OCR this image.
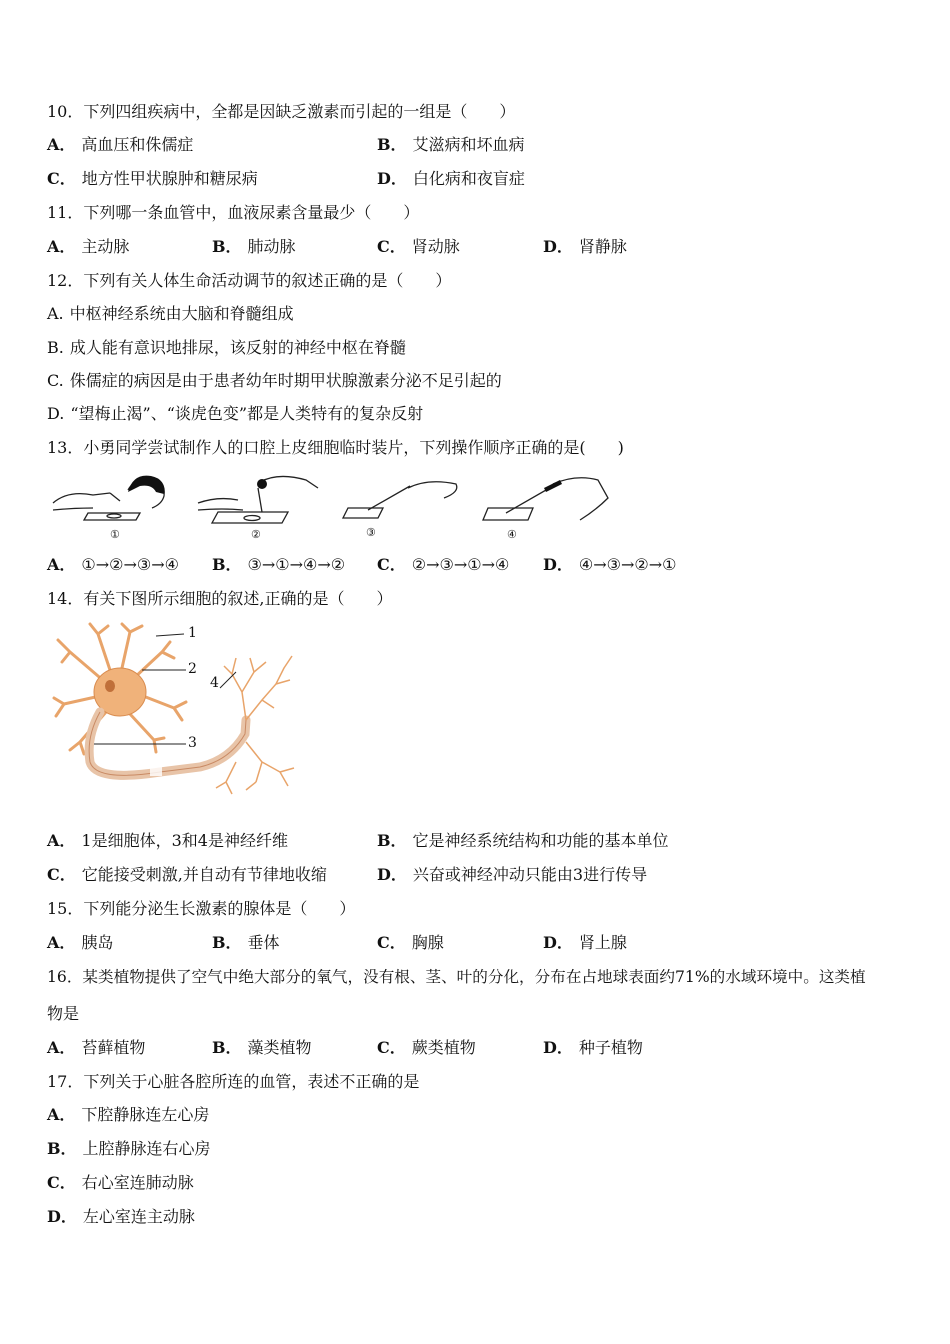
10．下列四组疾病中，全都是因缺乏激素而引起的一组是（　　）
A． 高血压和侏儒症	B． 艾滋病和坏血病
C． 地方性甲状腺肿和糖尿病	D． 白化病和夜盲症
11．下列哪一条血管中，血液尿素含量最少（　　）
A． 主动脉	B． 肺动脉	C． 肾动脉	D． 肾静脉
12．下列有关人体生命活动调节的叙述正确的是（　　）
A. 中枢神经系统由大脑和脊髓组成
B. 成人能有意识地排尿，该反射的神经中枢在脊髓
C. 侏儒症的病因是由于患者幼年时期甲状腺激素分泌不足引起的
D. “望梅止渴”、“谈虎色变”都是人类特有的复杂反射
13．小勇同学尝试制作人的口腔上皮细胞临时装片，下列操作顺序正确的是(　　)
①	②	③	④
A． ①→②→③→④ B． ③→①→④→② C． ②→③→①→④ D． ④→③→②→①
14．有关下图所示细胞的叙述,正确的是（　　）
1
2
3
4
A． 1是细胞体，3和4是神经纤维	B． 它是神经系统结构和功能的基本单位
C． 它能接受刺激,并自动有节律地收缩	D． 兴奋或神经冲动只能由3进行传导
15．下列能分泌生长激素的腺体是（　　）
A． 胰岛	B． 垂体	C． 胸腺	D． 肾上腺
16．某类植物提供了空气中绝大部分的氧气，没有根、茎、叶的分化，分布在占地球表面约71%的水域环境中。这类植
物是
A． 苔藓植物	B． 藻类植物	C． 蕨类植物	D． 种子植物
17．下列关于心脏各腔所连的血管，表述不正确的是
A． 下腔静脉连左心房
B． 上腔静脉连右心房
C． 右心室连肺动脉
D． 左心室连主动脉
